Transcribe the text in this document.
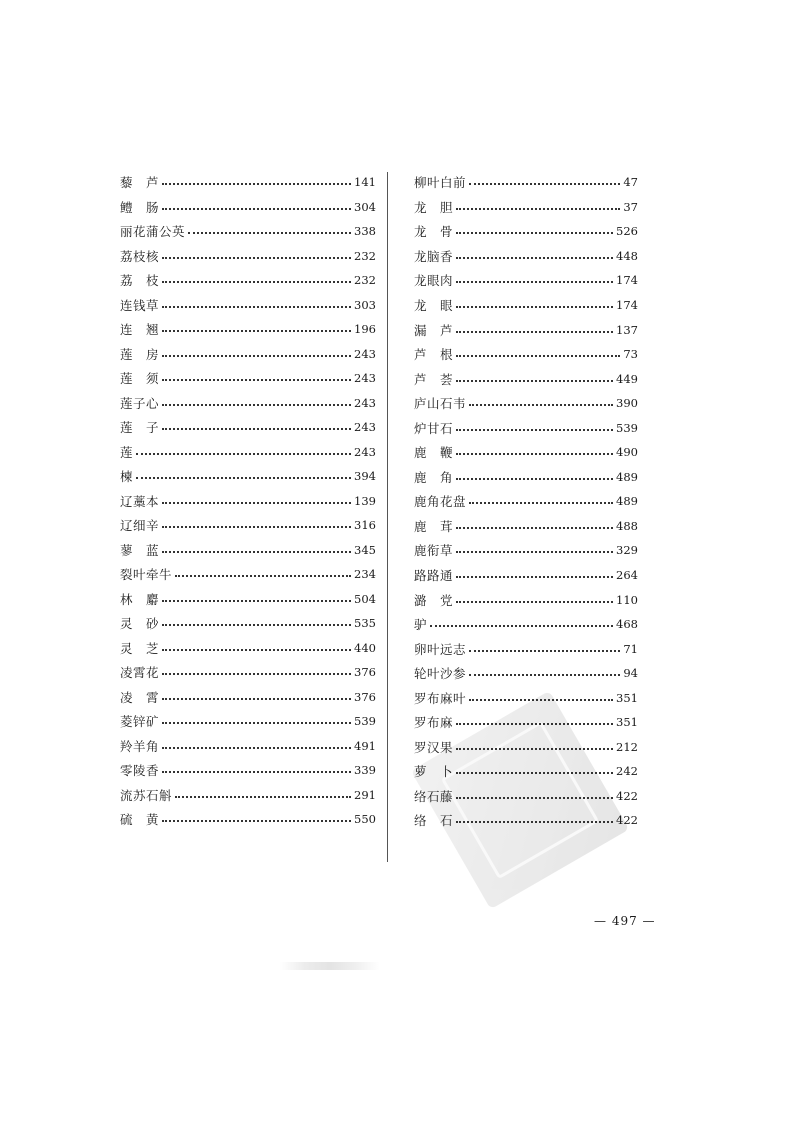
藜　芦	141
鳢　肠	304
丽花蒲公英	338
荔枝核	232
荔　枝	232
连钱草	303
连　翘	196
莲　房	243
莲　须	243
莲子心	243
莲　子	243
莲	243
楝	394
辽藁本	139
辽细辛	316
蓼　蓝	345
裂叶牵牛	234
林　麝	504
灵　砂	535
灵　芝	440
凌霄花	376
凌　霄	376
菱锌矿	539
羚羊角	491
零陵香	339
流苏石斛	291
硫　黄	550
柳叶白前	47
龙　胆	37
龙　骨	526
龙脑香	448
龙眼肉	174
龙　眼	174
漏　芦	137
芦　根	73
芦　荟	449
庐山石韦	390
炉甘石	539
鹿　鞭	490
鹿　角	489
鹿角花盘	489
鹿　茸	488
鹿衔草	329
路路通	264
潞　党	110
驴	468
卵叶远志	71
轮叶沙参	94
罗布麻叶	351
罗布麻	351
罗汉果	212
萝　卜	242
络石藤	422
络　石	422
— 497 —
